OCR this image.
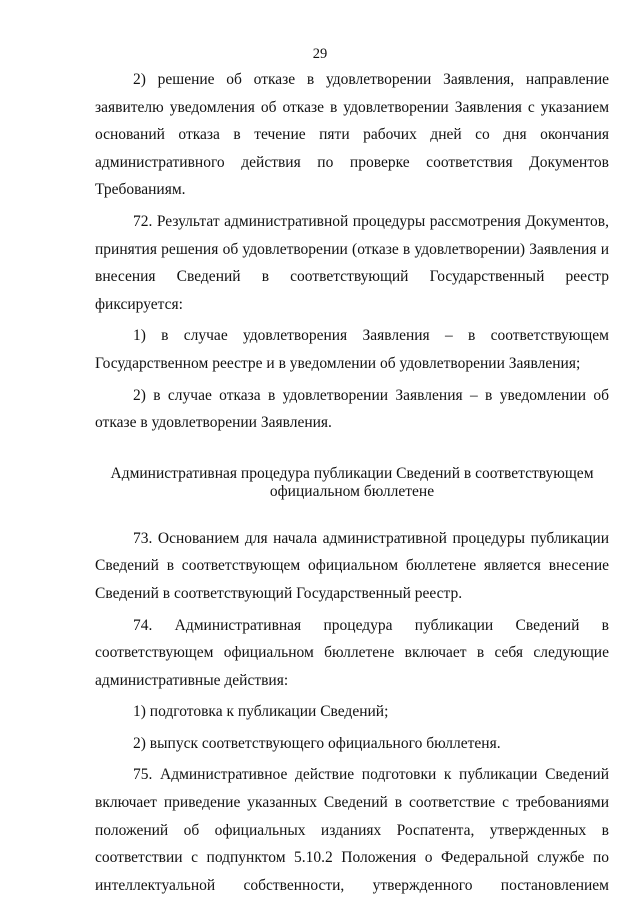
29

2) решение об отказе в удовлетворении Заявления, направление заявителю уведомления об отказе в удовлетворении Заявления с указанием оснований отказа в течение пяти рабочих дней со дня окончания административного действия по проверке соответствия Документов Требованиям.

72. Результат административной процедуры рассмотрения Документов, принятия решения об удовлетворении (отказе в удовлетворении) Заявления и внесения Сведений в соответствующий Государственный реестр фиксируется:

1) в случае удовлетворения Заявления – в соответствующем Государственном реестре и в уведомлении об удовлетворении Заявления;

2) в случае отказа в удовлетворении Заявления – в уведомлении об отказе в удовлетворении Заявления.

Административная процедура публикации Сведений в соответствующем

официальном бюллетене

73. Основанием для начала административной процедуры публикации Сведений в соответствующем официальном бюллетене является внесение Сведений в соответствующий Государственный реестр.

74. Административная процедура публикации Сведений в соответствующем официальном бюллетене включает в себя следующие административные действия:

1) подготовка к публикации Сведений;

2) выпуск соответствующего официального бюллетеня.

75. Административное действие подготовки к публикации Сведений включает приведение указанных Сведений в соответствие с требованиями положений об официальных изданиях Роспатента, утвержденных в соответствии с подпунктом 5.10.2 Положения о Федеральной службе по интеллектуальной собственности, утвержденного постановлением
